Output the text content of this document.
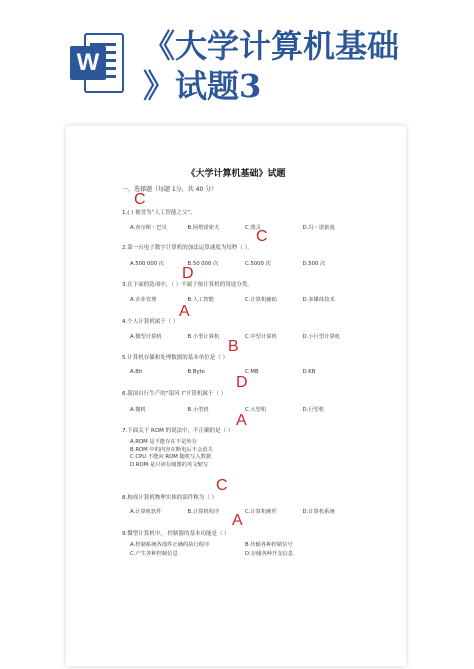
W 《大学计算机基础
》试题3
《大学计算机基础》试题
一、选择题（每题 1分，共 40 分）
1.( ) 被誉为“人工智能之父”。
C
A.查尔斯・巴贝	B.阿塔诺索夫	C.图灵	D.冯・诺依曼
2.第一台电子数字计算机的加法运算速度为每秒（ ）。
C
A.500 000 次	B.50 000 次	C.5000 次	D.500 次
3.在下面的选项中，（ ）不属于按计算机的用途分类。
D
A.企业管理	B.人工智能	C.计算机辅助	D.多媒体技术
4.个人计算机属于（ ）
A
A.微型计算机	B.小型计算机	C.中型计算机	D.小巨型计算机
5.计算机存储和处理数据的基本单位是（ ）
B
A.Bit	B.Byte	C.MB	D.KB
6.我国自行生产的“银河 Ⅰ”计算机属于（ ）
D
A.微机	B.小型机	C.大型机	D.巨型机
7.下面关于 ROM 的说法中，不正确的是（ ）
A
A.ROM 是不能存在不是外存
B.ROM 中的内容在断电后不会消失
C.CPU 不能向 ROM 随机写入数据
D.ROM 是只读存储器的英文缩写
8.构成计算机物理实体的部件称为（ ）
C
A.计算机软件	B.计算机程序	C.计算机硬件	D.计算机系统
9.微型计算机中， 控制器的基本功能是（ ）
A
A.控制系统各部件正确的执行程序	B.传输各种控制信号
C.产生各种控制信息	D.存储各种开支信息
